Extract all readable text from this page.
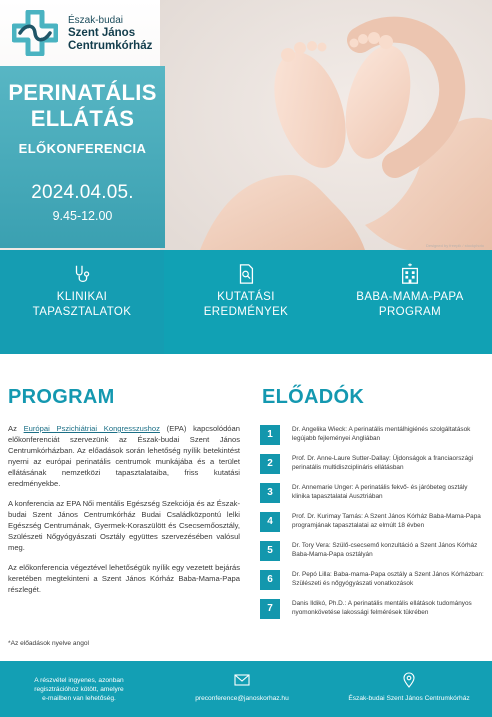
Észak-budai
Szent János
Centrumkórház
PERINATÁLIS
ELLÁTÁS
ELŐKONFERENCIA
2024.04.05.
9.45-12.00
Designed by freepik / stockphoto
KLINIKAI
TAPASZTALATOK
KUTATÁSI
EREDMÉNYEK
BABA-MAMA-PAPA
PROGRAM
PROGRAM

Az Európai Pszichiátriai Kongresszushoz (EPA) kapcsolódóan előkonferenciát szervezünk az Észak-budai Szent János Centrumkórházban. Az előadások során lehetőség nyílik betekintést nyerni az európai perinatális centrumok munkájába és a terület ellátásának nemzetközi tapasztalataiba, friss kutatási eredményekbe.

A konferencia az EPA Női mentális Egészség Szekciója és az Észak-budai Szent János Centrumkórház Budai Családközpontú lelki Egészség Centrumának, Gyermek-Koraszülött és Csecsemőosztály, Szülészeti Nőgyógyászati Osztály együttes szervezésében valósul meg.

Az előkonferencia végeztével lehetőségük nyílik egy vezetett bejárás keretében megtekinteni a Szent János Kórház Baba-Mama-Papa részlegét.

*Az előadások nyelve angol
ELŐADÓK
1	Dr. Angelika Wieck: A perinatális mentálhigiénés szolgáltatások legújabb fejleményei Angliában
2	Prof. Dr. Anne-Laure Sutter-Dallay: Újdonságok a franciaországi perinatális multidiszciplináris ellátásban
3	Dr. Annemarie Unger: A perinatális fekvő- és járóbeteg osztály klinika tapasztalatai Ausztriában
4	Prof. Dr. Kurimay Tamás: A Szent János Kórház Baba-Mama-Papa programjának tapasztalatai az elmúlt 18 évben
5	Dr. Tory Vera: Szülő-csecsemő konzultáció a Szent János Kórház Baba-Mama-Papa osztályán
6	Dr. Pepó Lilla: Baba-mama-Papa osztály a Szent János Kórházban: Szülészeti és nőgyógyászati vonatkozások
7	Danis Ildikó, Ph.D.: A perinatális mentális ellátások tudományos nyomonkövetése lakossági felmérések tükrében
A részvétel ingyenes, azonban
regisztrációhoz kötött, amelyre
e-mailben van lehetőség.	preconference@janoskorhaz.hu	Észak-budai Szent János Centrumkórház
